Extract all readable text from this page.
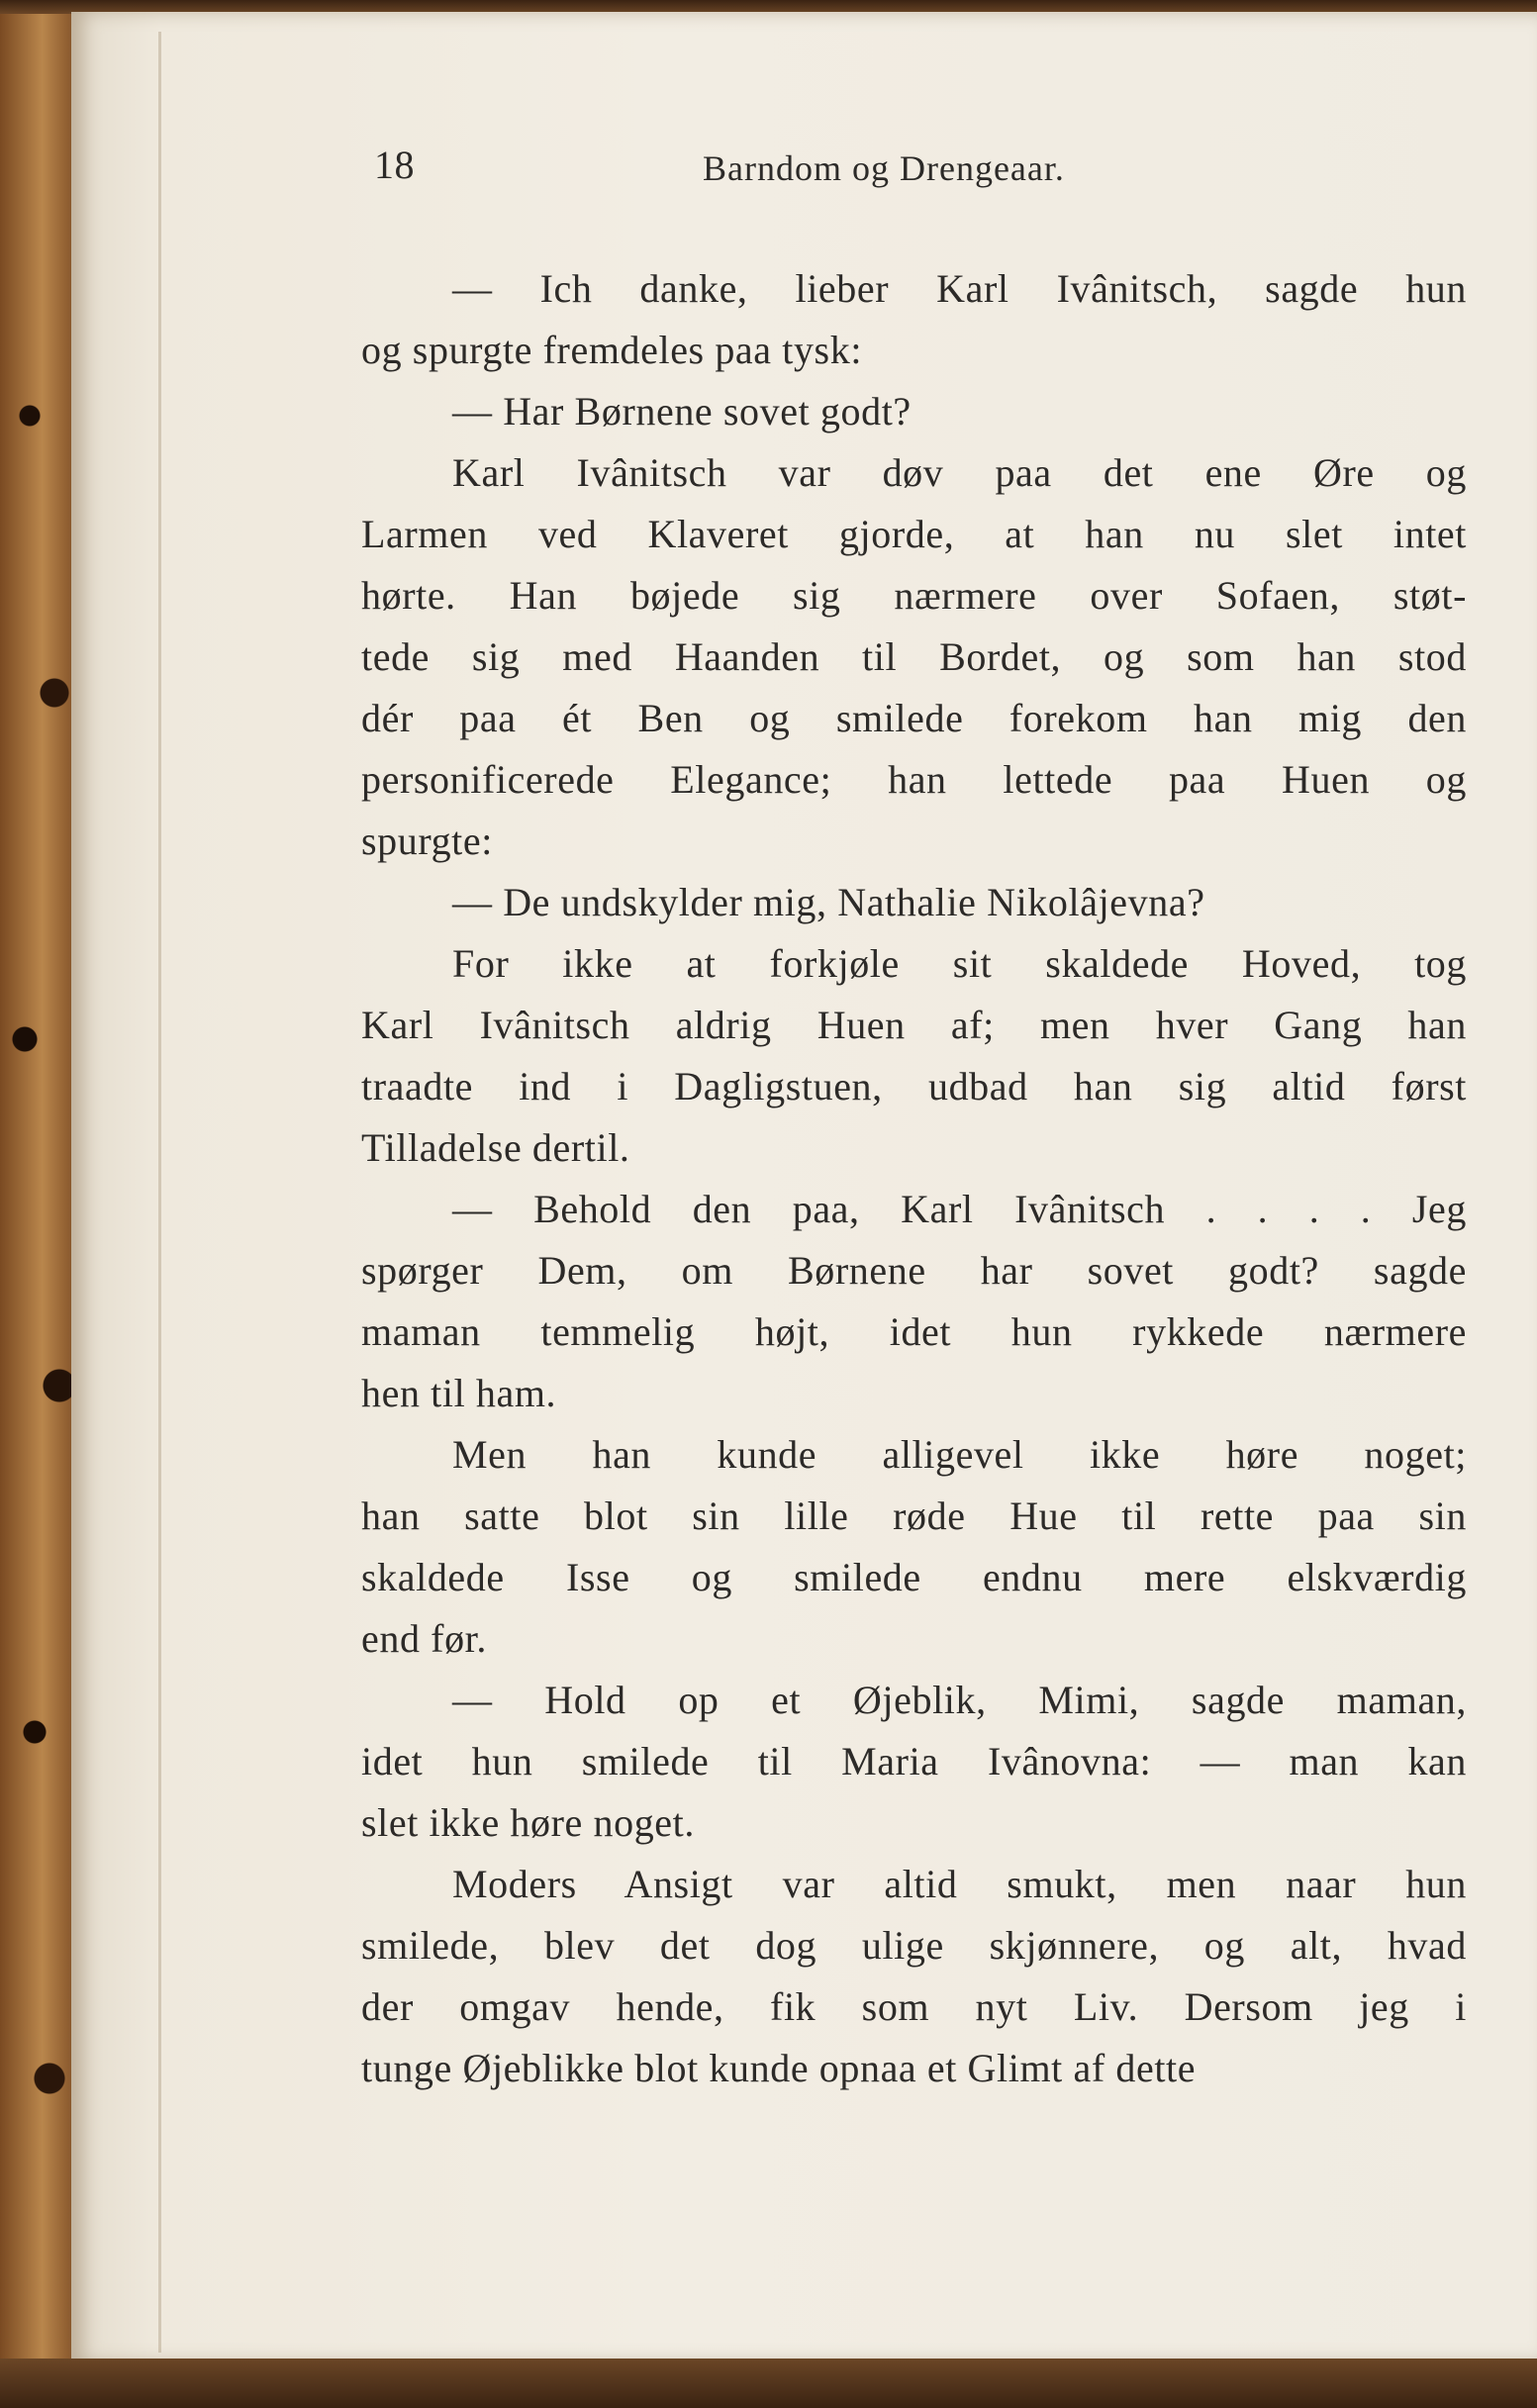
18	Barndom og Drengeaar.
— Ich danke, lieber Karl Ivânitsch, sagde hun
og spurgte fremdeles paa tysk:
— Har Børnene sovet godt?
Karl Ivânitsch var døv paa det ene Øre og
Larmen ved Klaveret gjorde, at han nu slet intet
hørte. Han bøjede sig nærmere over Sofaen, støt-
tede sig med Haanden til Bordet, og som han stod
dér paa ét Ben og smilede forekom han mig den
personificerede Elegance; han lettede paa Huen og
spurgte:
— De undskylder mig, Nathalie Nikolâjevna?
For ikke at forkjøle sit skaldede Hoved, tog
Karl Ivânitsch aldrig Huen af; men hver Gang han
traadte ind i Dagligstuen, udbad han sig altid først
Tilladelse dertil.
— Behold den paa, Karl Ivânitsch . . . . Jeg
spørger Dem, om Børnene har sovet godt? sagde
maman temmelig højt, idet hun rykkede nærmere
hen til ham.
Men han kunde alligevel ikke høre noget;
han satte blot sin lille røde Hue til rette paa sin
skaldede Isse og smilede endnu mere elskværdig
end før.
— Hold op et Øjeblik, Mimi, sagde maman,
idet hun smilede til Maria Ivânovna: — man kan
slet ikke høre noget.
Moders Ansigt var altid smukt, men naar hun
smilede, blev det dog ulige skjønnere, og alt, hvad
der omgav hende, fik som nyt Liv. Dersom jeg i
tunge Øjeblikke blot kunde opnaa et Glimt af dette
